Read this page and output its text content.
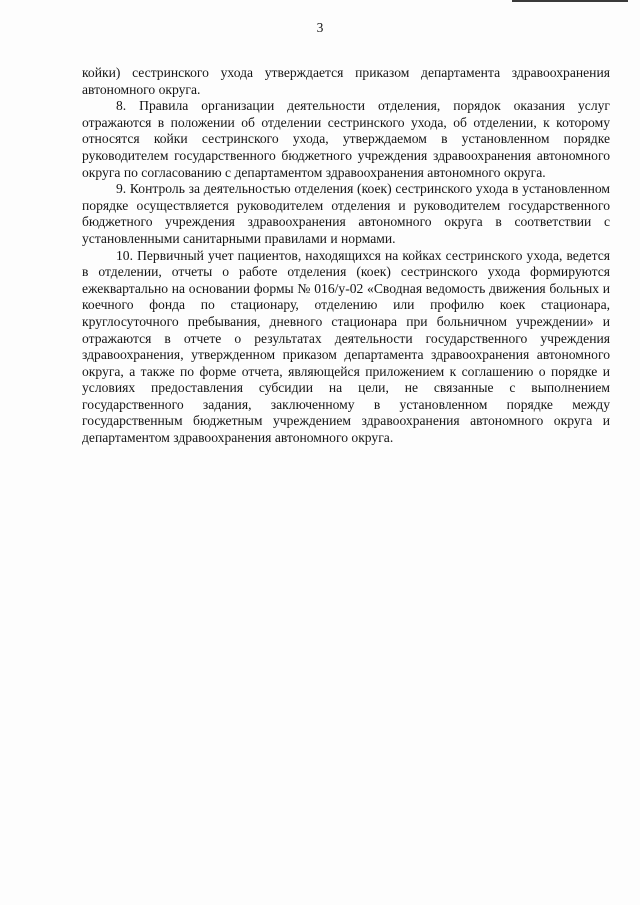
3

койки) сестринского ухода утверждается приказом департамента здравоохранения автономного округа.

8. Правила организации деятельности отделения, порядок оказания услуг отражаются в положении об отделении сестринского ухода, об отделении, к которому относятся койки сестринского ухода, утверждаемом в установленном порядке руководителем государственного бюджетного учреждения здравоохранения автономного округа по согласованию с департаментом здравоохранения автономного округа.

9. Контроль за деятельностью отделения (коек) сестринского ухода в установленном порядке осуществляется руководителем отделения и руководителем государственного бюджетного учреждения здравоохранения автономного округа в соответствии с установленными санитарными правилами и нормами.

10. Первичный учет пациентов, находящихся на койках сестринского ухода, ведется в отделении, отчеты о работе отделения (коек) сестринского ухода формируются ежеквартально на основании формы № 016/у-02 «Сводная ведомость движения больных и коечного фонда по стационару, отделению или профилю коек стационара, круглосуточного пребывания, дневного стационара при больничном учреждении» и отражаются в отчете о результатах деятельности государственного учреждения здравоохранения, утвержденном приказом департамента здравоохранения автономного округа, а также по форме отчета, являющейся приложением к соглашению о порядке и условиях предоставления субсидии на цели, не связанные с выполнением государственного задания, заключенному в установленном порядке между государственным бюджетным учреждением здравоохранения автономного округа и департаментом здравоохранения автономного округа.
